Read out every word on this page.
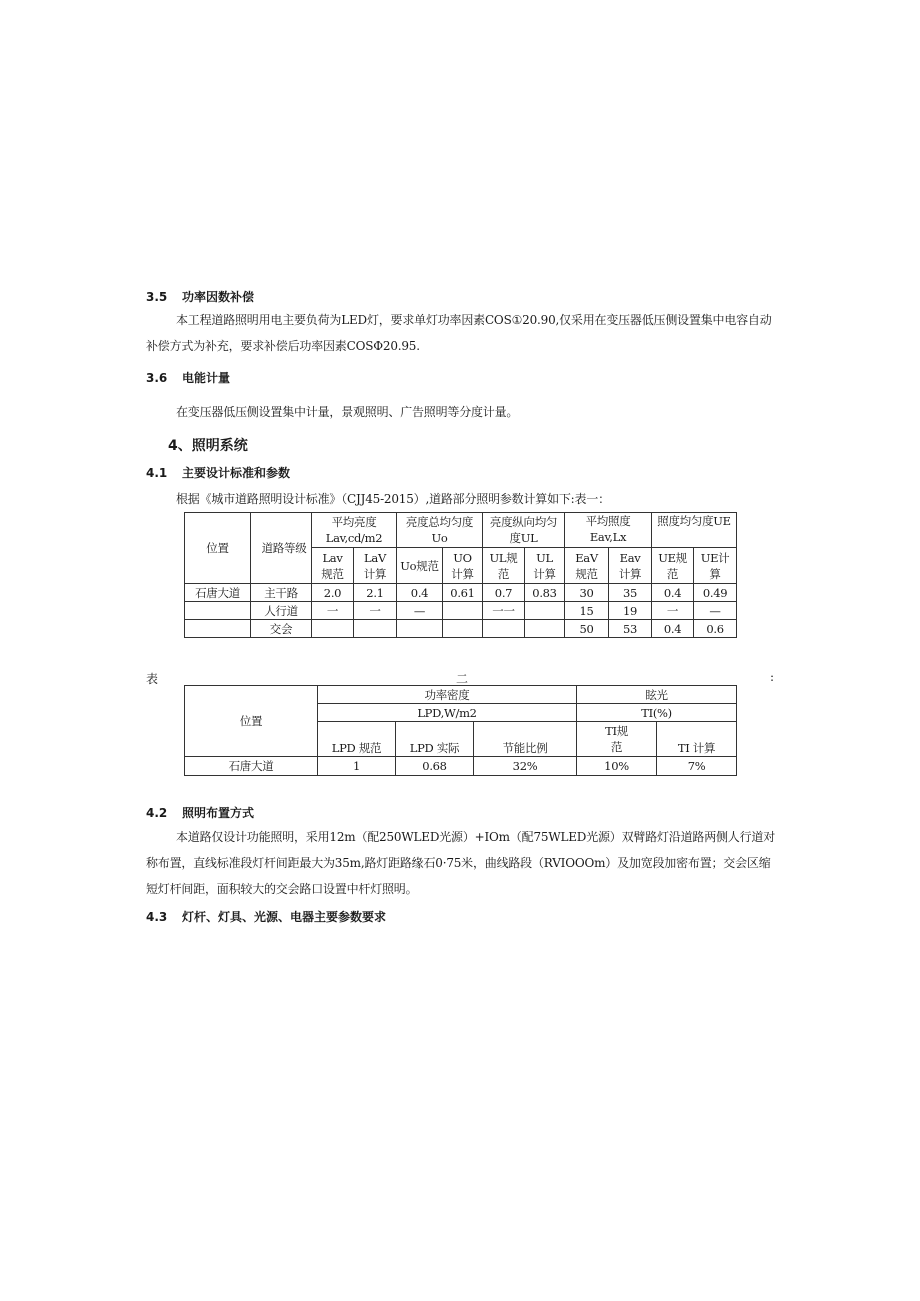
3.5 功率因数补偿
本工程道路照明用电主要负荷为LED灯，要求单灯功率因素COS①20.90,仅采用在变压器低压侧设置集中电容自动补偿方式为补充，要求补偿后功率因素COSΦ20.95.
3.6 电能计量
在变压器低压侧设置集中计量，景观照明、广告照明等分度计量。
4、照明系统
4.1 主要设计标准和参数
根据《城市道路照明设计标准》（CJJ45-2015）,道路部分照明参数计算如下:表一：
位置	道路等级	平均亮度Lav,cd/m2		亮度总均匀度Uo		亮度纵向均匀度UL		平均照度Eav,Lx		照度均匀度UE	
		Lav规范	LaV计算	Uo规范	UO计算	UL规范	UL计算	EaV规范	Eav计算	UE规范	UE计算
石唐大道	主干路	2.0	2.1	0.4	0.61	0.7	0.83	30	35	0.4	0.49
	人行道	一	一	—		一一		15	19	一	—
	交会							50	53	0.4	0.6
表	二	:
位置	功率密度			眩光	
	LPD,W/m2			TI(%)	
	LPD 规范	LPD 实际	节能比例	TI规范	TI 计算
石唐大道	1	0.68	32%	10%	7%
4.2 照明布置方式
本道路仅设计功能照明，采用12m（配250WLED光源）+IOm（配75WLED光源）双臂路灯沿道路两侧人行道对称布置，直线标准段灯杆间距最大为35m,路灯距路缘石0·75米，曲线路段（RVIOOOm）及加宽段加密布置；交会区缩短灯杆间距，面积较大的交会路口设置中杆灯照明。
4.3 灯杆、灯具、光源、电器主要参数要求
